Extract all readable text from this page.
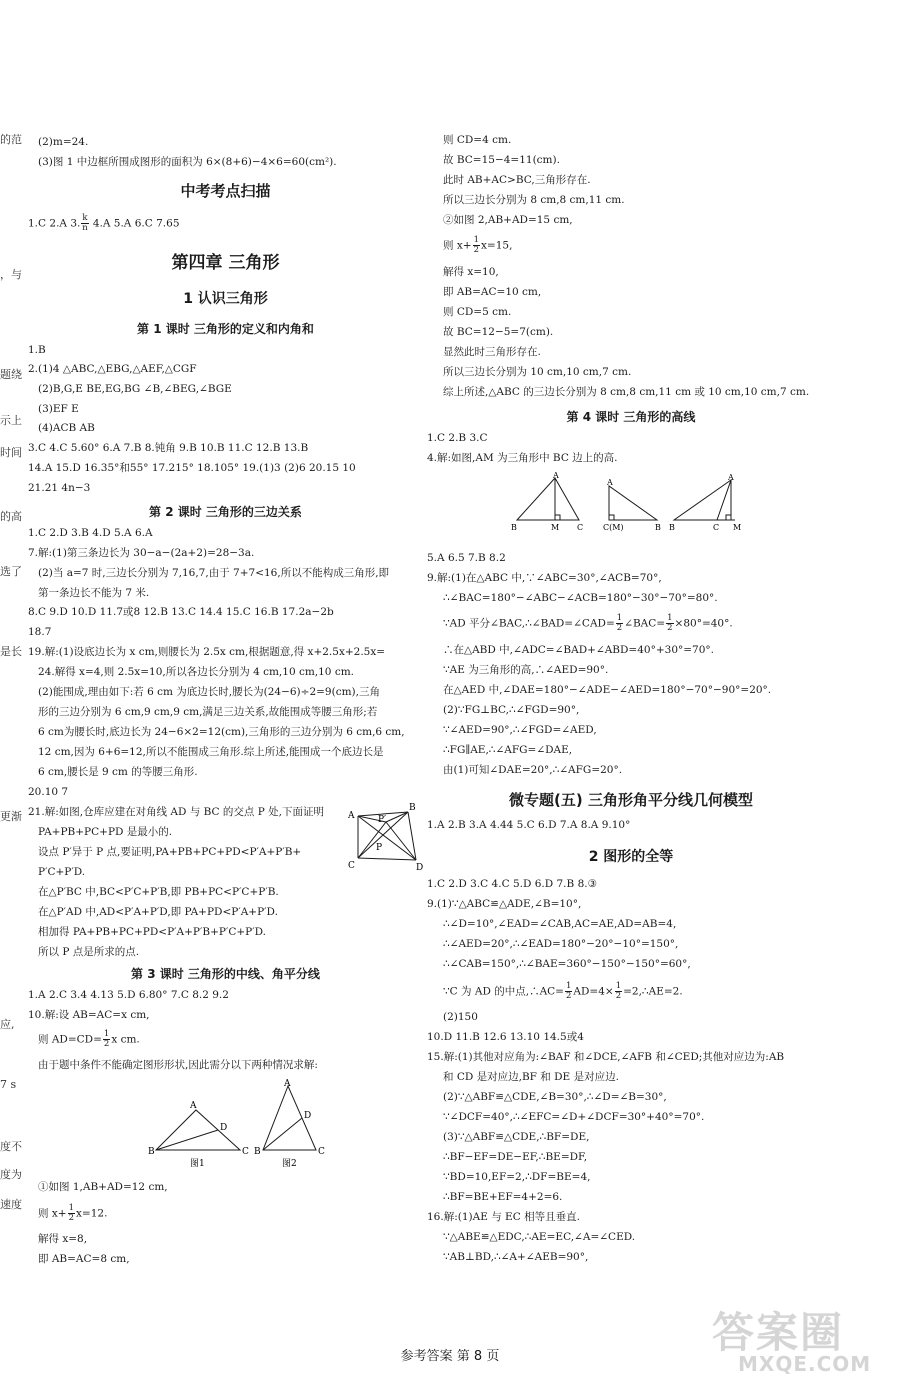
的范
，与
题绕
示上
时间
的高
选了
是长
更渐
应,
7 s
度不
度为
速度
(2)m=24.
(3)图 1 中边框所围成图形的面积为 6×(8+6)−4×6=60(cm²).
中考考点扫描
1.C 2.A 3. $\frac{k}{n} 4.A$ 5.A 6.C 7.65
第四章 三角形
1 认识三角形
第 1 课时 三角形的定义和内角和
1.B
2.(1)4 △ABC,△EBG,△AEF,△CGF
(2)B,G,E BE,EG,BG ∠B,∠BEG,∠BGE
(3)EF E
(4)ACB AB
3.C 4.C 5.60° 6.A 7.B 8.钝角 9.B 10.B 11.C 12.B 13.B
14.A 15.D 16.35°和55° 17.215° 18.105° 19.(1)3 (2)6 20.15 10
21.21 4n−3
第 2 课时 三角形的三边关系
1.C 2.D 3.B 4.D 5.A 6.A
7.解:(1)第三条边长为 30−a−(2a+2)=28−3a.
(2)当 a=7 时,三边长分别为 7,16,7,由于 7+7<16,所以不能构成三角形,即
第一条边长不能为 7 米.
8.C 9.D 10.D 11.7或8 12.B 13.C 14.4 15.C 16.B 17.2a−2b
18.7
19.解:(1)设底边长为 x cm,则腰长为 2.5x cm,根据题意,得 x+2.5x+2.5x=
24.解得 x=4,则 2.5x=10,所以各边长分别为 4 cm,10 cm,10 cm.
(2)能围成,理由如下:若 6 cm 为底边长时,腰长为(24−6)÷2=9(cm),三角
形的三边分别为 6 cm,9 cm,9 cm,满足三边关系,故能围成等腰三角形;若
6 cm为腰长时,底边长为 24−6×2=12(cm),三角形的三边分别为 6 cm,6 cm,
12 cm,因为 6+6=12,所以不能围成三角形.综上所述,能围成一个底边长是
6 cm,腰长是 9 cm 的等腰三角形.
20.10 7
21.解:如图,仓库应建在对角线 AD 与 BC 的交点 P 处,下面证明
PA+PB+PC+PD 是最小的.
设点 P′异于 P 点,要证明,PA+PB+PC+PD<P′A+P′B+
P′C+P′D.
在△P′BC 中,BC<P′C+P′B,即 PB+PC<P′C+P′B.
在△P′AD 中,AD<P′A+P′D,即 PA+PD<P′A+P′D.
相加得 PA+PB+PC+PD<P′A+P′B+P′C+P′D.
所以 P 点是所求的点.
A
B
C	D
P
P′
第 3 课时 三角形的中线、角平分线
1.A 2.C 3.4 4.13 5.D 6.80° 7.C 8.2 9.2
10.解:设 AB=AC=x cm,
则 $AD=CD= \frac{1}{2}$ x cm.
由于题中条件不能确定图形形状,因此需分以下两种情况求解:
A
B	C
D
A
B	C
D
图1	图2
①如图 1,AB+AD=12 cm,
则 $x+ \frac{1}{2} x=12$.
解得 x=8,
即 AB=AC=8 cm,
则 CD=4 cm.
故 BC=15−4=11(cm).
此时 AB+AC>BC,三角形存在.
所以三边长分别为 8 cm,8 cm,11 cm.
②如图 2,AB+AD=15 cm,
则 $x+ \frac{1}{2} x=15$,
解得 x=10,
即 AB=AC=10 cm,
则 CD=5 cm.
故 BC=12−5=7(cm).
显然此时三角形存在.
所以三边长分别为 10 cm,10 cm,7 cm.
综上所述,△ABC 的三边长分别为 8 cm,8 cm,11 cm 或 10 cm,10 cm,7 cm.
第 4 课时 三角形的高线
1.C 2.B 3.C
4.解:如图,AM 为三角形中 BC 边上的高.
A
B	M C
A
C(M)	B
A
B	C M
5.A 6.5 7.B 8.2
9.解:(1)在△ABC 中,∵∠ABC=30°,∠ACB=70°,
∴∠BAC=180°−∠ABC−∠ACB=180°−30°−70°=80°.
∵AD 平分∠BAC,∴∠BAD=∠CAD= $\frac{1}{2}$ ∠BAC= $\frac{1}{2} \times 80^\circ=40^\circ$.
∴在△ABD 中,∠ADC=∠BAD+∠ABD=40°+30°=70°.
∵AE 为三角形的高,∴∠AED=90°.
在△AED 中,∠DAE=180°−∠ADE−∠AED=180°−70°−90°=20°.
(2)∵FG⊥BC,∴∠FGD=90°,
∵∠AED=90°,∴∠FGD=∠AED,
∴FG∥AE,∴∠AFG=∠DAE,
由(1)可知∠DAE=20°,∴∠AFG=20°.
微专题(五) 三角形角平分线几何模型
1.A 2.B 3.A 4.44 5.C 6.D 7.A 8.A 9.10°
2 图形的全等
1.C 2.D 3.C 4.C 5.D 6.D 7.B 8.③
9.(1)∵△ABC≌△ADE,∠B=10°,
∴∠D=10°,∠EAD=∠CAB,AC=AE,AD=AB=4,
∴∠AED=20°,∴∠EAD=180°−20°−10°=150°,
∴∠CAB=150°,∴∠BAE=360°−150°−150°=60°,
∵C 为 AD 的中点,∴AC= $\frac{1}{2} AD=4\times \frac{1}{2}$ =2,∴AE=2.
(2)150
10.D 11.B 12.6 13.10 14.5或4
15.解:(1)其他对应角为:∠BAF 和∠DCE,∠AFB 和∠CED;其他对应边为:AB
和 CD 是对应边,BF 和 DE 是对应边.
(2)∵△ABF≌△CDE,∠B=30°,∴∠D=∠B=30°,
∵∠DCF=40°,∴∠EFC=∠D+∠DCF=30°+40°=70°.
(3)∵△ABF≌△CDE,∴BF=DE,
∴BF−EF=DE−EF,∴BE=DF,
∵BD=10,EF=2,∴DF=BE=4,
∴BF=BE+EF=4+2=6.
16.解:(1)AE 与 EC 相等且垂直.
∵△ABE≌△EDC,∴AE=EC,∠A=∠CED.
∵AB⊥BD,∴∠A+∠AEB=90°,
参考答案 第 8 页	答案圈
MXQE.COM
